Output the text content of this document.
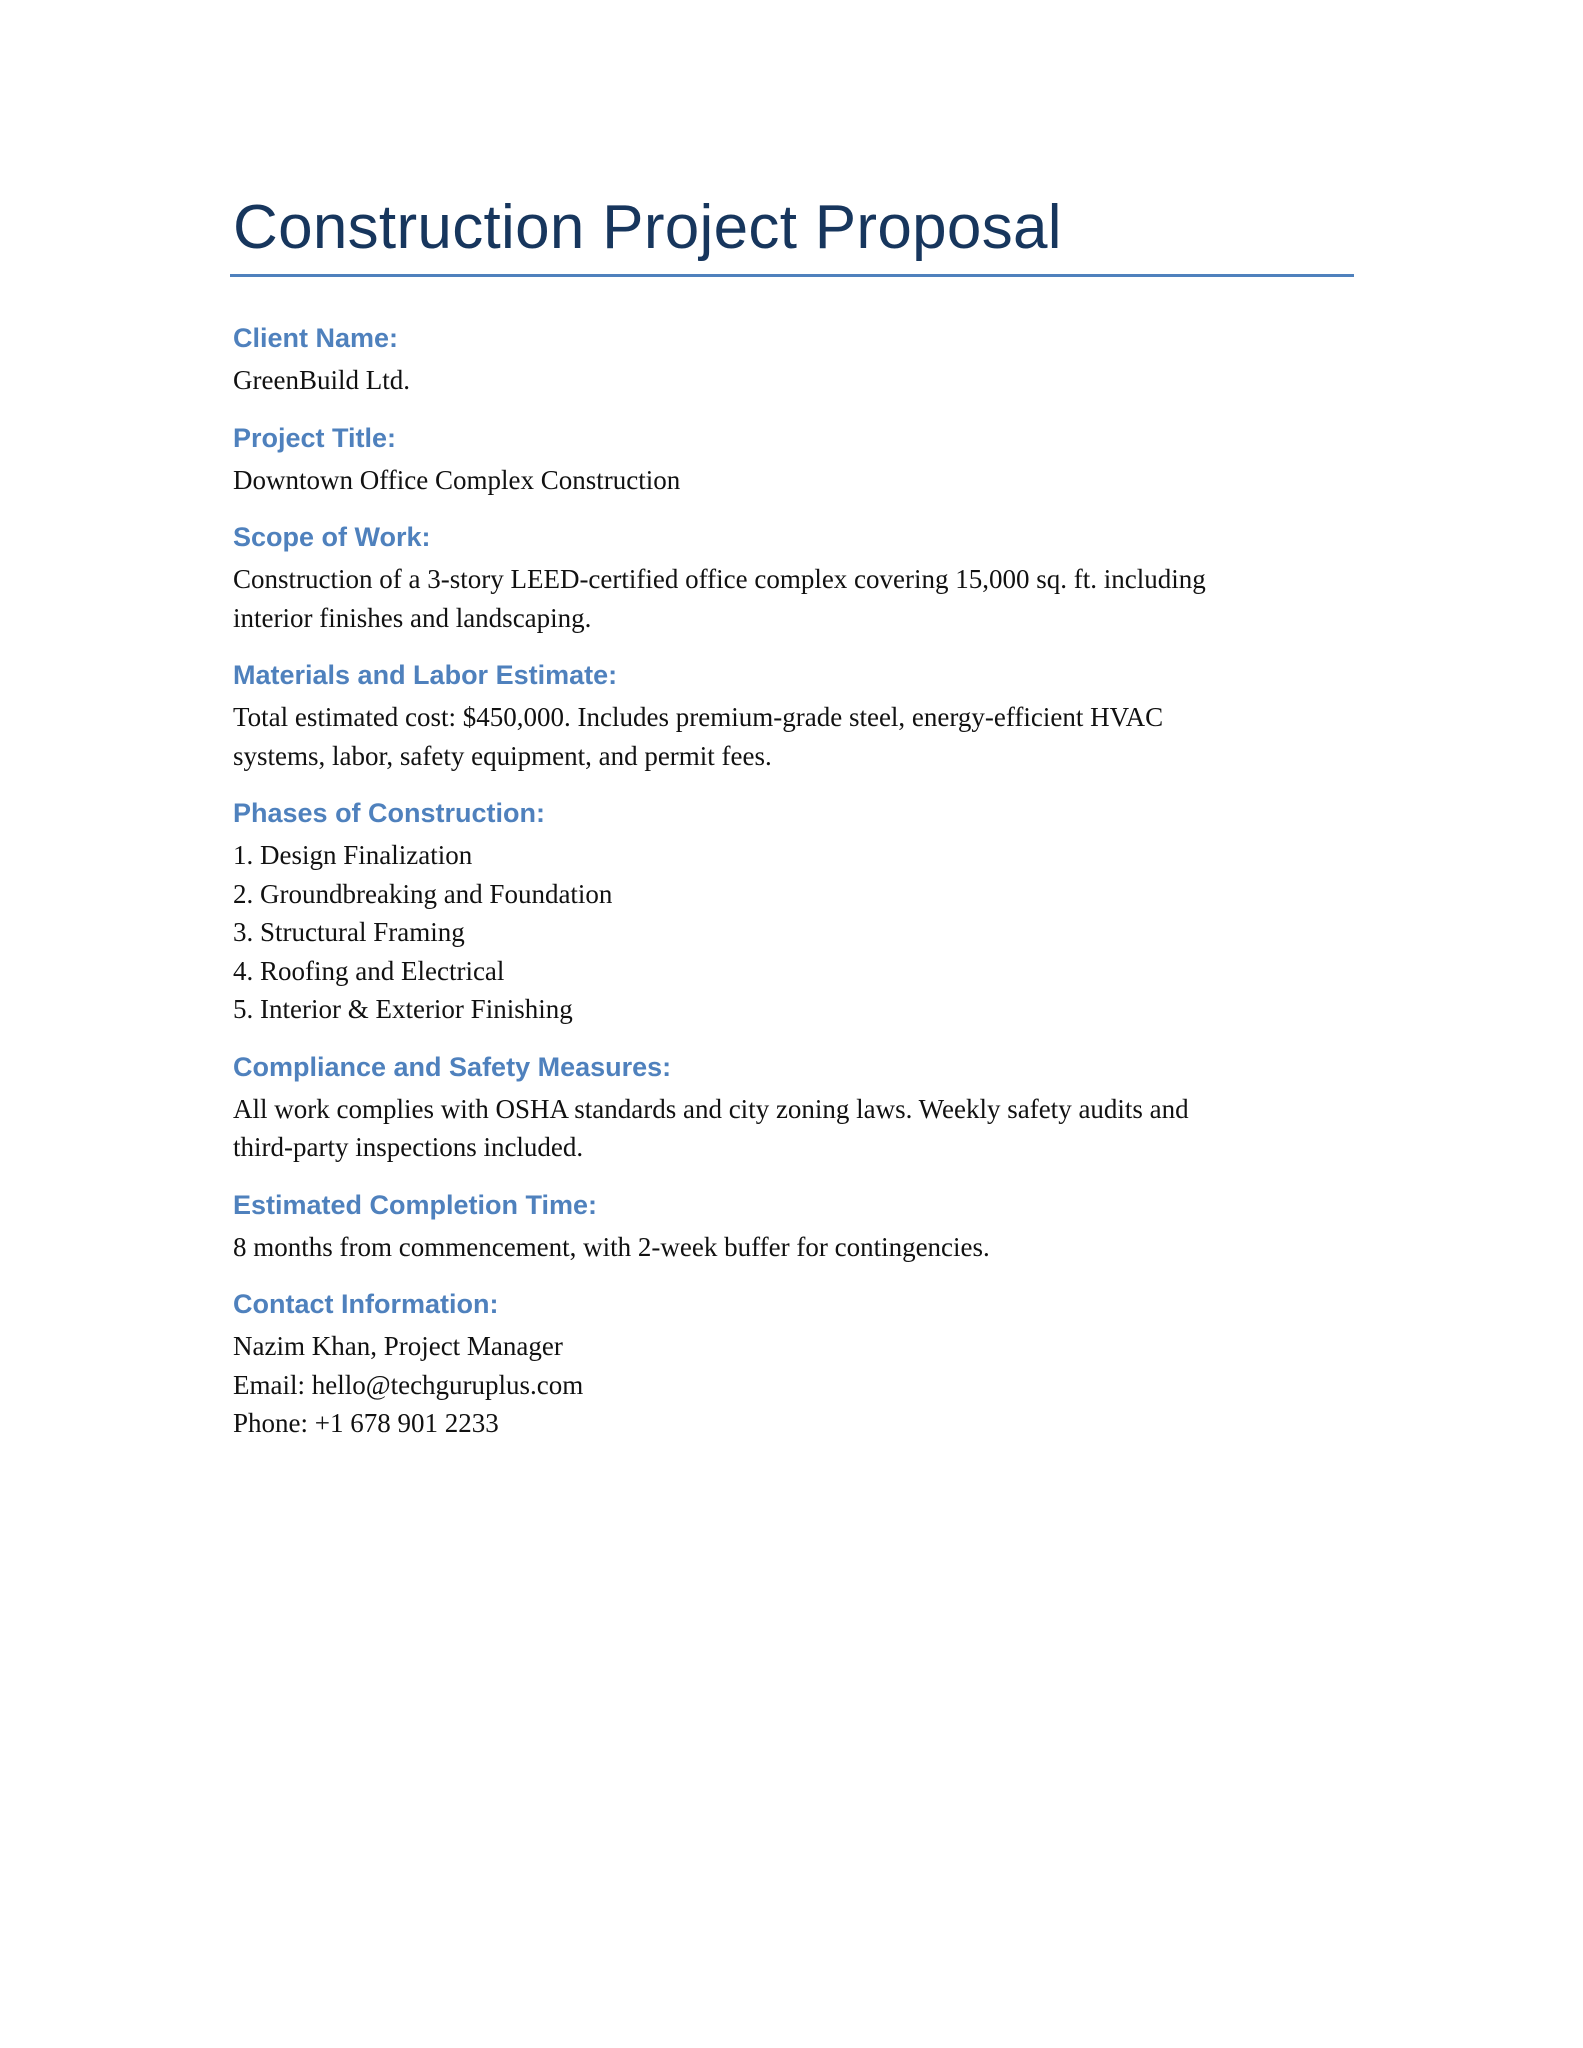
Construction Project Proposal
Client Name:
GreenBuild Ltd.
Project Title:
Downtown Office Complex Construction
Scope of Work:
Construction of a 3-story LEED-certified office complex covering 15,000 sq. ft. including
interior finishes and landscaping.
Materials and Labor Estimate:
Total estimated cost: $450,000. Includes premium-grade steel, energy-efficient HVAC
systems, labor, safety equipment, and permit fees.
Phases of Construction:
1. Design Finalization
2. Groundbreaking and Foundation
3. Structural Framing
4. Roofing and Electrical
5. Interior & Exterior Finishing
Compliance and Safety Measures:
All work complies with OSHA standards and city zoning laws. Weekly safety audits and
third-party inspections included.
Estimated Completion Time:
8 months from commencement, with 2-week buffer for contingencies.
Contact Information:
Nazim Khan, Project Manager
Email: hello@techguruplus.com
Phone: +1 678 901 2233
